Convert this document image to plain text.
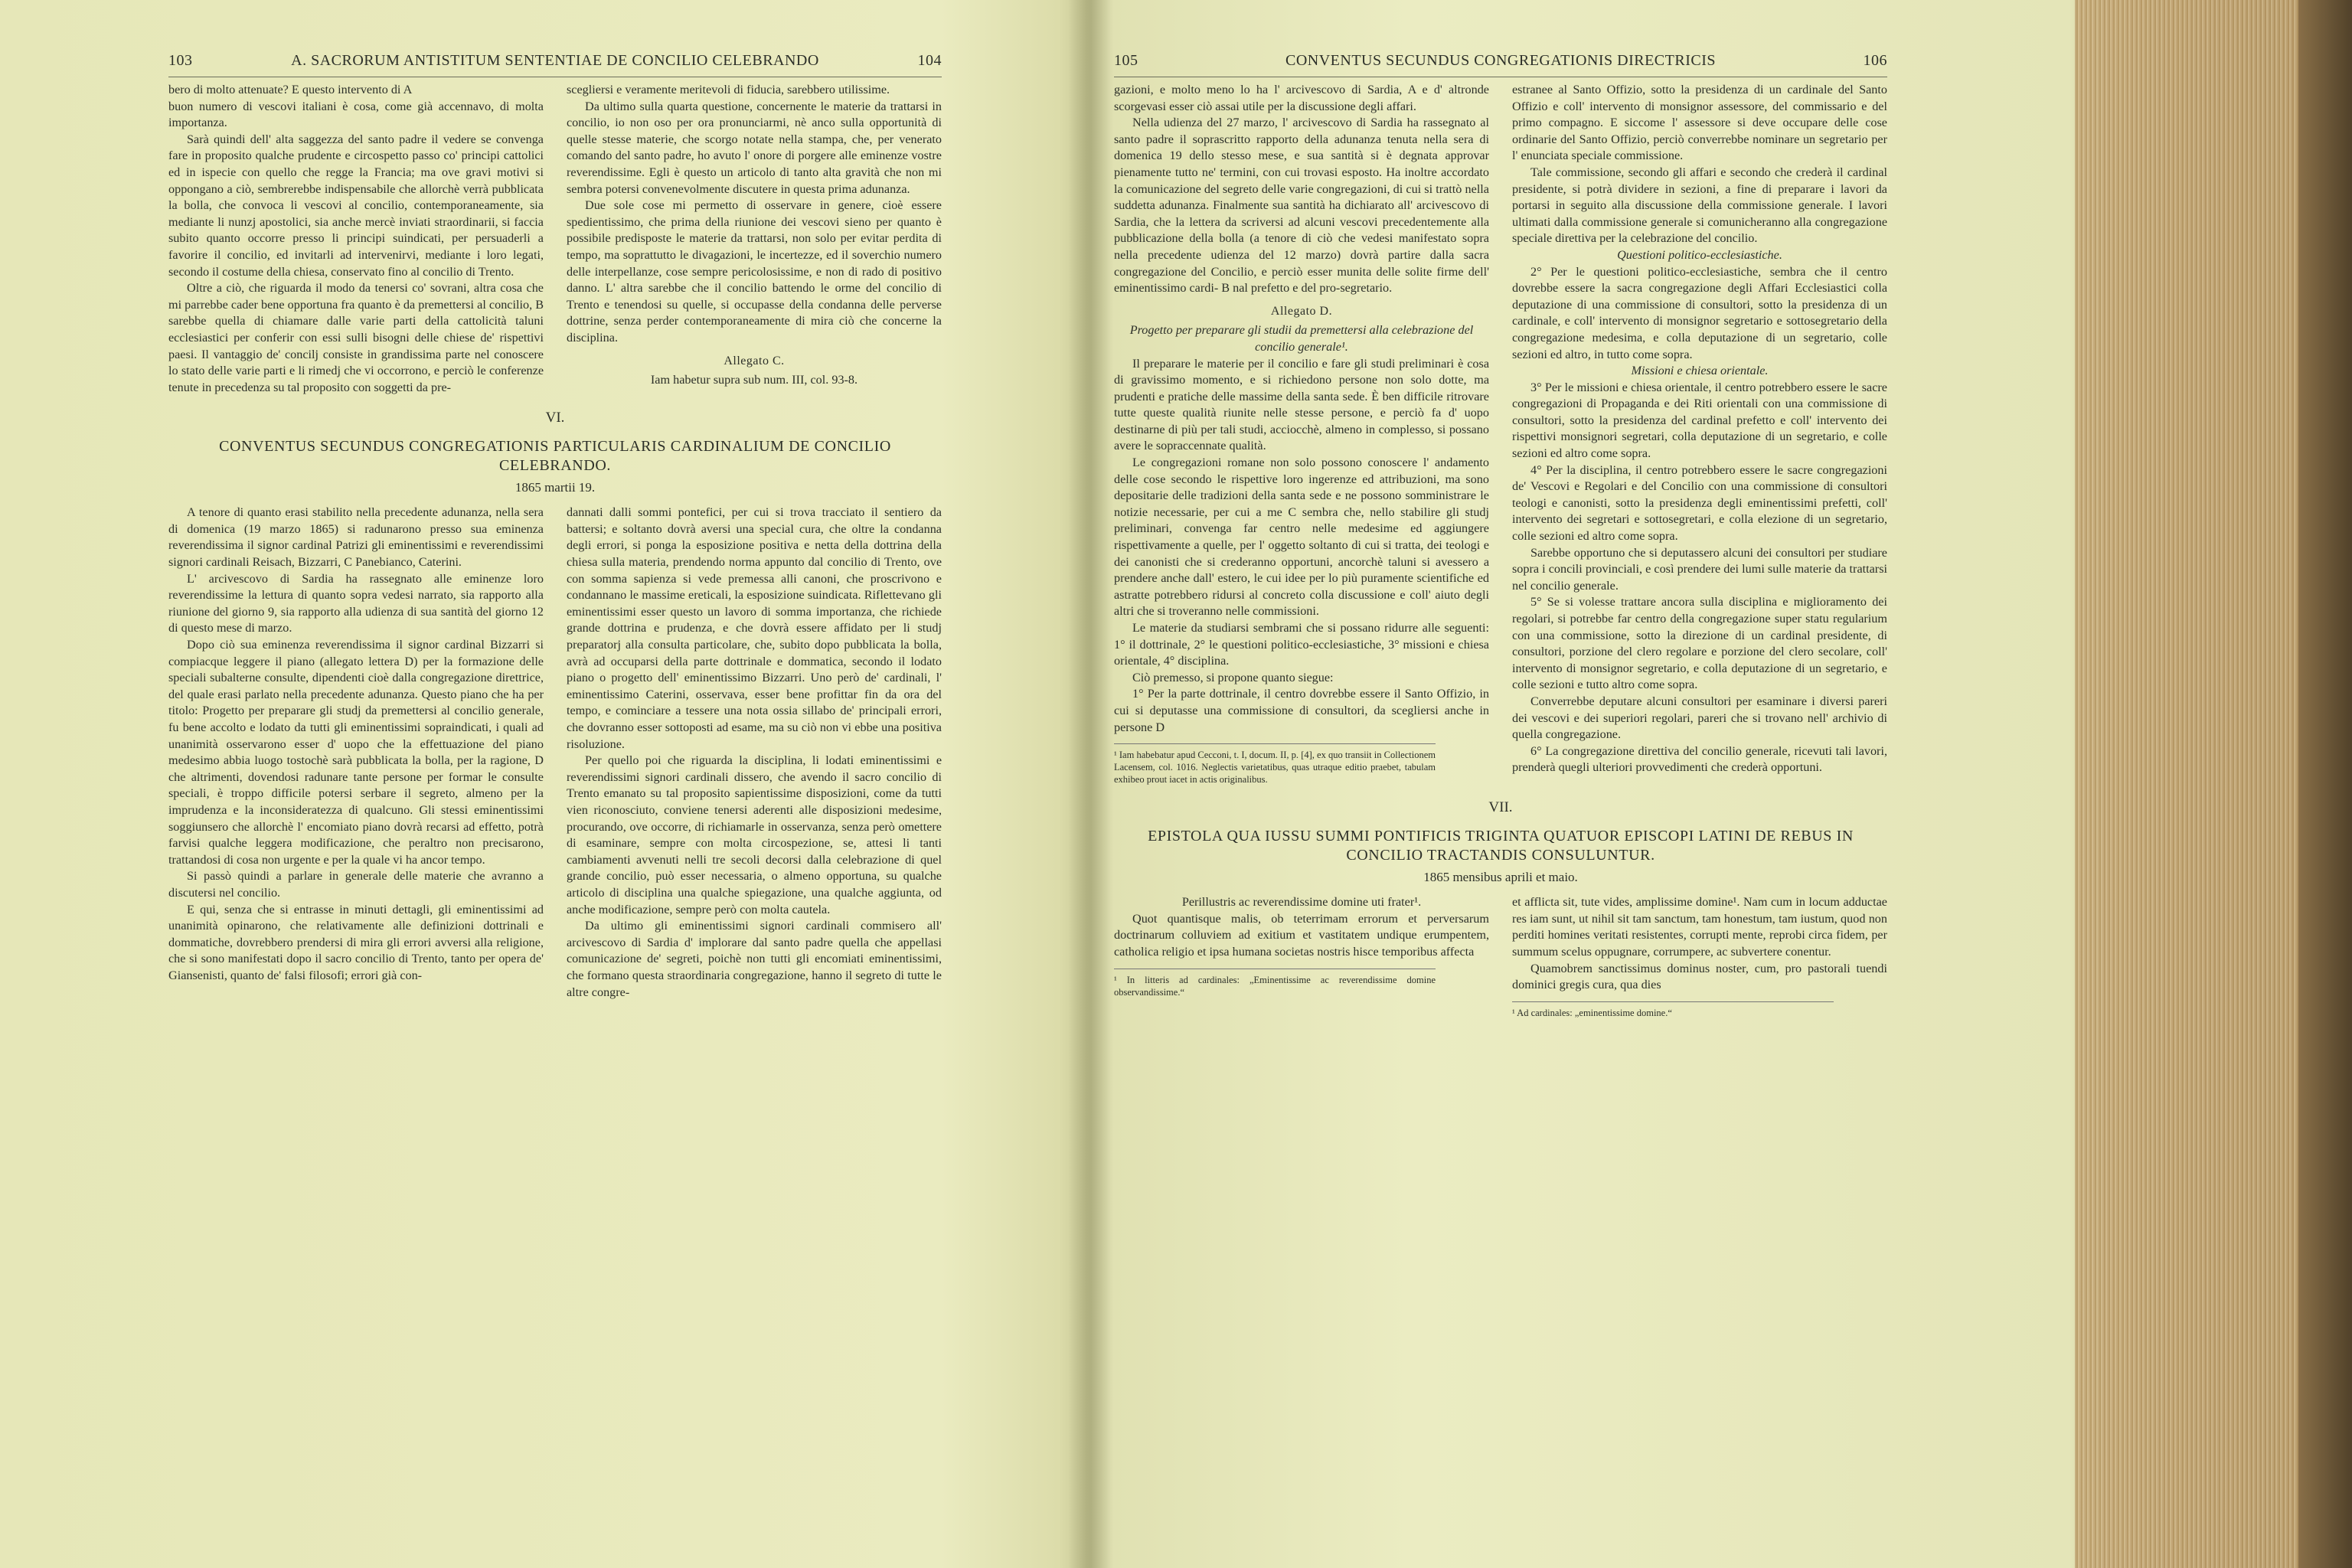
103	A. SACRORUM ANTISTITUM SENTENTIAE DE CONCILIO CELEBRANDO	104

bero di molto attenuate? E questo intervento di A

buon numero di vescovi italiani è cosa, come già accennavo, di molta importanza.

Sarà quindi dell' alta saggezza del santo padre il vedere se convenga fare in proposito qualche prudente e circospetto passo co' principi cattolici ed in ispecie con quello che regge la Francia; ma ove gravi motivi si oppongano a ciò, sembrerebbe indispensabile che allorchè verrà pubblicata la bolla, che convoca li vescovi al concilio, contemporaneamente, sia mediante li nunzj apostolici, sia anche mercè inviati straordinarii, si faccia subito quanto occorre presso li principi suindicati, per persuaderli a favorire il concilio, ed invitarli ad intervenirvi, mediante i loro legati, secondo il costume della chiesa, conservato fino al concilio di Trento.

Oltre a ciò, che riguarda il modo da tenersi co' sovrani, altra cosa che mi parrebbe cader bene opportuna fra quanto è da premettersi al concilio, B sarebbe quella di chiamare dalle varie parti della cattolicità taluni ecclesiastici per conferir con essi sulli bisogni delle chiese de' rispettivi paesi. Il vantaggio de' concilj consiste in grandissima parte nel conoscere lo stato delle varie parti e li rimedj che vi occorrono, e perciò le conferenze tenute in precedenza su tal proposito con soggetti da pre-

scegliersi e veramente meritevoli di fiducia, sarebbero utilissime.

Da ultimo sulla quarta questione, concernente le materie da trattarsi in concilio, io non oso per ora pronunciarmi, nè anco sulla opportunità di quelle stesse materie, che scorgo notate nella stampa, che, per venerato comando del santo padre, ho avuto l' onore di porgere alle eminenze vostre reverendissime. Egli è questo un articolo di tanto alta gravità che non mi sembra potersi convenevolmente discutere in questa prima adunanza.

Due sole cose mi permetto di osservare in genere, cioè essere spedientissimo, che prima della riunione dei vescovi sieno per quanto è possibile predisposte le materie da trattarsi, non solo per evitar perdita di tempo, ma soprattutto le divagazioni, le incertezze, ed il soverchio numero delle interpellanze, cose sempre pericolosissime, e non di rado di positivo danno. L' altra sarebbe che il concilio battendo le orme del concilio di Trento e tenendosi su quelle, si occupasse della condanna delle perverse dottrine, senza perder contemporaneamente di mira ciò che concerne la disciplina.

Allegato C.

Iam habetur supra sub num. III, col. 93-8.

VI.
CONVENTUS SECUNDUS CONGREGATIONIS PARTICULARIS CARDINALIUM DE CONCILIO CELEBRANDO.
1865 martii 19.

A tenore di quanto erasi stabilito nella precedente adunanza, nella sera di domenica (19 marzo 1865) si radunarono presso sua eminenza reverendissima il signor cardinal Patrizi gli eminentissimi e reverendissimi signori cardinali Reisach, Bizzarri, C Panebianco, Caterini.

L' arcivescovo di Sardia ha rassegnato alle eminenze loro reverendissime la lettura di quanto sopra vedesi narrato, sia rapporto alla riunione del giorno 9, sia rapporto alla udienza di sua santità del giorno 12 di questo mese di marzo.

Dopo ciò sua eminenza reverendissima il signor cardinal Bizzarri si compiacque leggere il piano (allegato lettera D) per la formazione delle speciali subalterne consulte, dipendenti cioè dalla congregazione direttrice, del quale erasi parlato nella precedente adunanza. Questo piano che ha per titolo: Progetto per preparare gli studj da premettersi al concilio generale, fu bene accolto e lodato da tutti gli eminentissimi sopraindicati, i quali ad unanimità osservarono esser d' uopo che la effettuazione del piano medesimo abbia luogo tostochè sarà pubblicata la bolla, per la ragione, D che altrimenti, dovendosi radunare tante persone per formar le consulte speciali, è troppo difficile potersi serbare il segreto, almeno per la imprudenza e la inconsideratezza di qualcuno. Gli stessi eminentissimi soggiunsero che allorchè l' encomiato piano dovrà recarsi ad effetto, potrà farvisi qualche leggera modificazione, che peraltro non precisarono, trattandosi di cosa non urgente e per la quale vi ha ancor tempo.

Si passò quindi a parlare in generale delle materie che avranno a discutersi nel concilio.

E qui, senza che si entrasse in minuti dettagli, gli eminentissimi ad unanimità opinarono, che relativamente alle definizioni dottrinali e dommatiche, dovrebbero prendersi di mira gli errori avversi alla religione, che si sono manifestati dopo il sacro concilio di Trento, tanto per opera de' Giansenisti, quanto de' falsi filosofi; errori già con-

dannati dalli sommi pontefici, per cui si trova tracciato il sentiero da battersi; e soltanto dovrà aversi una special cura, che oltre la condanna degli errori, si ponga la esposizione positiva e netta della dottrina della chiesa sulla materia, prendendo norma appunto dal concilio di Trento, ove con somma sapienza si vede premessa alli canoni, che proscrivono e condannano le massime ereticali, la esposizione suindicata. Riflettevano gli eminentissimi esser questo un lavoro di somma importanza, che richiede grande dottrina e prudenza, e che dovrà essere affidato per li studj preparatorj alla consulta particolare, che, subito dopo pubblicata la bolla, avrà ad occuparsi della parte dottrinale e dommatica, secondo il lodato piano o progetto dell' eminentissimo Bizzarri. Uno però de' cardinali, l' eminentissimo Caterini, osservava, esser bene profittar fin da ora del tempo, e cominciare a tessere una nota ossia sillabo de' principali errori, che dovranno esser sottoposti ad esame, ma su ciò non vi ebbe una positiva risoluzione.

Per quello poi che riguarda la disciplina, li lodati eminentissimi e reverendissimi signori cardinali dissero, che avendo il sacro concilio di Trento emanato su tal proposito sapientissime disposizioni, come da tutti vien riconosciuto, conviene tenersi aderenti alle disposizioni medesime, procurando, ove occorre, di richiamarle in osservanza, senza però omettere di esaminare, sempre con molta circospezione, se, attesi li tanti cambiamenti avvenuti nelli tre secoli decorsi dalla celebrazione di quel grande concilio, può esser necessaria, o almeno opportuna, su qualche articolo di disciplina una qualche spiegazione, una qualche aggiunta, od anche modificazione, sempre però con molta cautela.

Da ultimo gli eminentissimi signori cardinali commisero all' arcivescovo di Sardia d' implorare dal santo padre quella che appellasi comunicazione de' segreti, poichè non tutti gli encomiati eminentissimi, che formano questa straordinaria congregazione, hanno il segreto di tutte le altre congre-

105	CONVENTUS SECUNDUS CONGREGATIONIS DIRECTRICIS	106

gazioni, e molto meno lo ha l' arcivescovo di Sardia, A e d' altronde scorgevasi esser ciò assai utile per la discussione degli affari.

Nella udienza del 27 marzo, l' arcivescovo di Sardia ha rassegnato al santo padre il soprascritto rapporto della adunanza tenuta nella sera di domenica 19 dello stesso mese, e sua santità si è degnata approvar pienamente tutto ne' termini, con cui trovasi esposto. Ha inoltre accordato la comunicazione del segreto delle varie congregazioni, di cui si trattò nella suddetta adunanza. Finalmente sua santità ha dichiarato all' arcivescovo di Sardia, che la lettera da scriversi ad alcuni vescovi precedentemente alla pubblicazione della bolla (a tenore di ciò che vedesi manifestato sopra nella precedente udienza del 12 marzo) dovrà partire dalla sacra congregazione del Concilio, e perciò esser munita delle solite firme dell' eminentissimo cardi- B nal prefetto e del pro-segretario.

Allegato D.

Progetto per preparare gli studii da premettersi alla celebrazione del concilio generale¹.

Il preparare le materie per il concilio e fare gli studi preliminari è cosa di gravissimo momento, e si richiedono persone non solo dotte, ma prudenti e pratiche delle massime della santa sede. È ben difficile ritrovare tutte queste qualità riunite nelle stesse persone, e perciò fa d' uopo destinarne di più per tali studi, acciocchè, almeno in complesso, si possano avere le sopraccennate qualità.

Le congregazioni romane non solo possono conoscere l' andamento delle cose secondo le rispettive loro ingerenze ed attribuzioni, ma sono depositarie delle tradizioni della santa sede e ne possono somministrare le notizie necessarie, per cui a me C sembra che, nello stabilire gli studj preliminari, convenga far centro nelle medesime ed aggiungere rispettivamente a quelle, per l' oggetto soltanto di cui si tratta, dei teologi e dei canonisti che si crederanno opportuni, ancorchè taluni si avessero a prendere anche dall' estero, le cui idee per lo più puramente scientifiche ed astratte potrebbero ridursi al concreto colla discussione e coll' aiuto degli altri che si troveranno nelle commissioni.

Le materie da studiarsi sembrami che si possano ridurre alle seguenti: 1° il dottrinale, 2° le questioni politico-ecclesiastiche, 3° missioni e chiesa orientale, 4° disciplina.

Ciò premesso, si propone quanto siegue:

1° Per la parte dottrinale, il centro dovrebbe essere il Santo Offizio, in cui si deputasse una commissione di consultori, da scegliersi anche in persone D

¹ Iam habebatur apud Cecconi, t. I, docum. II, p. [4], ex quo transiit in Collectionem Lacensem, col. 1016. Neglectis varietatibus, quas utraque editio praebet, tabulam exhibeo prout iacet in actis originalibus.

estranee al Santo Offizio, sotto la presidenza di un cardinale del Santo Offizio e coll' intervento di monsignor assessore, del commissario e del primo compagno. E siccome l' assessore si deve occupare delle cose ordinarie del Santo Offizio, perciò converrebbe nominare un segretario per l' enunciata speciale commissione.

Tale commissione, secondo gli affari e secondo che crederà il cardinal presidente, si potrà dividere in sezioni, a fine di preparare i lavori da portarsi in seguito alla discussione della commissione generale. I lavori ultimati dalla commissione generale si comunicheranno alla congregazione speciale direttiva per la celebrazione del concilio.

Questioni politico-ecclesiastiche.

2° Per le questioni politico-ecclesiastiche, sembra che il centro dovrebbe essere la sacra congregazione degli Affari Ecclesiastici colla deputazione di una commissione di consultori, sotto la presidenza di un cardinale, e coll' intervento di monsignor segretario e sottosegretario della congregazione medesima, e colla deputazione di un segretario, colle sezioni ed altro, in tutto come sopra.

Missioni e chiesa orientale.

3° Per le missioni e chiesa orientale, il centro potrebbero essere le sacre congregazioni di Propaganda e dei Riti orientali con una commissione di consultori, sotto la presidenza del cardinal prefetto e coll' intervento dei rispettivi monsignori segretari, colla deputazione di un segretario, e colle sezioni ed altro come sopra.

4° Per la disciplina, il centro potrebbero essere le sacre congregazioni de' Vescovi e Regolari e del Concilio con una commissione di consultori teologi e canonisti, sotto la presidenza degli eminentissimi prefetti, coll' intervento dei segretari e sottosegretari, e colla elezione di un segretario, colle sezioni ed altro come sopra.

Sarebbe opportuno che si deputassero alcuni dei consultori per studiare sopra i concili provinciali, e così prendere dei lumi sulle materie da trattarsi nel concilio generale.

5° Se si volesse trattare ancora sulla disciplina e miglioramento dei regolari, si potrebbe far centro della congregazione super statu regularium con una commissione, sotto la direzione di un cardinal presidente, di consultori, porzione del clero regolare e porzione del clero secolare, coll' intervento di monsignor segretario, e colla deputazione di un segretario, e colle sezioni e tutto altro come sopra.

Converrebbe deputare alcuni consultori per esaminare i diversi pareri dei vescovi e dei superiori regolari, pareri che si trovano nell' archivio di quella congregazione.

6° La congregazione direttiva del concilio generale, ricevuti tali lavori, prenderà quegli ulteriori provvedimenti che crederà opportuni.

VII.
EPISTOLA QUA IUSSU SUMMI PONTIFICIS TRIGINTA QUATUOR EPISCOPI LATINI DE REBUS IN CONCILIO TRACTANDIS CONSULUNTUR.
1865 mensibus aprili et maio.

Perillustris ac reverendissime domine uti frater¹.

Quot quantisque malis, ob teterrimam errorum et perversarum doctrinarum colluviem ad exitium et vastitatem undique erumpentem, catholica religio et ipsa humana societas nostris hisce temporibus affecta

¹ In litteris ad cardinales: „Eminentissime ac reverendissime domine observandissime.“

et afflicta sit, tute vides, amplissime domine¹. Nam cum in locum adductae res iam sunt, ut nihil sit tam sanctum, tam honestum, tam iustum, quod non perditi homines veritati resistentes, corrupti mente, reprobi circa fidem, per summum scelus oppugnare, corrumpere, ac subvertere conentur.

Quamobrem sanctissimus dominus noster, cum, pro pastorali tuendi dominici gregis cura, qua dies

¹ Ad cardinales: „eminentissime domine.“
